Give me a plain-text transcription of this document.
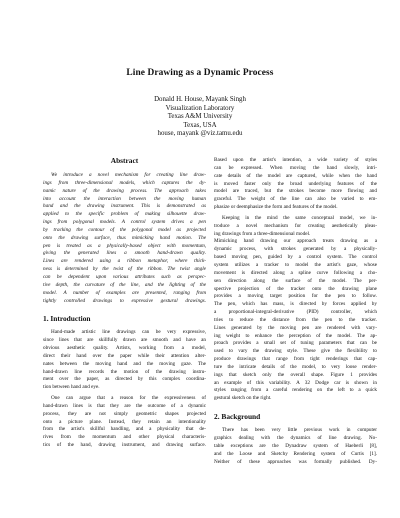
Line Drawing as a Dynamic Process
Donald H. House, Mayank Singh
Visualization Laboratory
Texas A&M University
Texas, USA
house, mayank @viz.tamu.edu
Abstract
We introduce a novel mechanism for creating line draw-
ings from three-dimensional models, which captures the dy-
namic nature of the drawing process. The approach takes
into account the interaction between the moving human
hand and the drawing instrument. This is demonstrated as
applied to the specific problem of making silhouette draw-
ings from polygonal models. A control system drives a pen
by tracking the contour of the polygonal model as projected
onto the drawing surface, thus mimicking hand motion. The
pen is treated as a physically-based object with momentum,
giving the generated lines a smooth hand-drawn quality.
Lines are rendered using a ribbon metaphor, where thick-
ness is determined by the twist of the ribbon. The twist angle
can be dependent upon various attributes such as perspec-
tive depth, the curvature of the line, and the lighting of the
model. A number of examples are presented, ranging from
tightly controlled drawings to expressive gestural drawings.
1. Introduction
Hand-made artistic line drawings can be very expressive,
since lines that are skillfully drawn are smooth and have an
obvious aesthetic quality. Artists, working from a model,
direct their hand over the paper while their attention alter-
nates between the moving hand and the moving gaze. The
hand-drawn line records the motion of the drawing instru-
ment over the paper, as directed by this complex coordina-
tion between hand and eye.
One can argue that a reason for the expressiveness of
hand-drawn lines is that they are the outcome of a dynamic
process, they are not simply geometric shapes projected
onto a picture plane. Instead, they retain an intentionality
from the artist's skillful handling, and a physicality that de-
rives from the momentum and other physical characteris-
tics of the hand, drawing instrument, and drawing surface.
Based upon the artist's intention, a wide variety of styles
can be expressed. When moving the hand slowly, intri-
cate details of the model are captured, while when the hand
is moved faster only the broad underlying features of the
model are traced, but the strokes become more flowing and
graceful. The weight of the line can also be varied to em-
phasize or deemphasize the form and features of the model.
Keeping in the mind the same conceptual model, we in-
troduce a novel mechanism for creating aesthetically pleas-
ing drawings from a three-dimensional model.
Mimicking hand drawing our approach treats drawing as a
dynamic process, with strokes generated by a physically-
based moving pen, guided by a control system. The control
system utilizes a tracker to model the artist's gaze, whose
movement is directed along a spline curve following a cho-
sen direction along the surface of the model. The per-
spective projection of the tracker onto the drawing plane
provides a moving target position for the pen to follow.
The pen, which has mass, is directed by forces applied by
a proportional-integral-derivative (PID) controller, which
tries to reduce the distance from the pen to the tracker.
Lines generated by the moving pen are rendered with vary-
ing weight to enhance the perception of the model. The ap-
proach provides a small set of tuning parameters that can be
used to vary the drawing style. These give the flexibility to
produce drawings that range from tight renderings that cap-
ture the intricate details of the model, to very loose render-
ings that sketch only the overall shape. Figure 1 provides
an example of this variability. A 32 Dodge car is shown in
styles ranging from a careful rendering on the left to a quick
gestural sketch on the right.
2. Background
There has been very little previous work in computer
graphics dealing with the dynamics of line drawing. No-
table exceptions are the Dynadraw system of Haeberli [8],
and the Loose and Sketchy Rendering system of Curtis [1].
Neither of these approaches was formally published. Dy-
